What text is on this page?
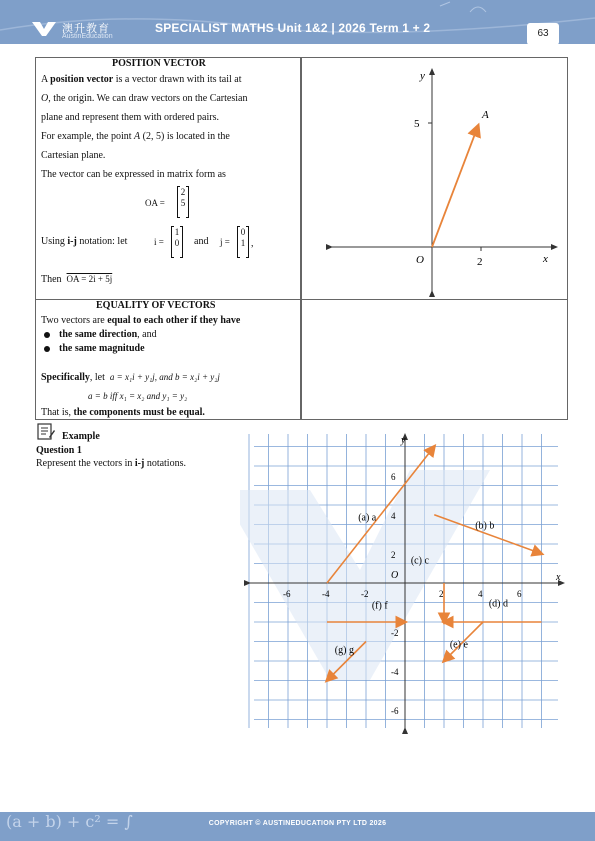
澳升教育
AustinEducation
SPECIALIST MATHS Unit 1&2 | 2026 Term 1 + 2	63
POSITION VECTOR
A position vector is a vector drawn with its tail at
O, the origin. We can draw vectors on the Cartesian
plane and represent them with ordered pairs.
For example, the point A (2, 5) is located in the
Cartesian plane.
The vector can be expressed in matrix form as
OA =
2
5
Using i-j notation: let	i =
1
0 and j =
0
1 ,
Then OA = 2i + 5j
y
x
5
2
O
A
EQUALITY OF VECTORS
Two vectors are equal to each other if they have
the same direction, and
the same magnitude
Specifically, let a = x₁i + y₁j, and b = x₂i + y₂j
a = b iff x₁ = x₂ and y₁ = y₂
That is, the components must be equal.
Example
Question 1
Represent the vectors in i-j notations.
-6	-4	-2	2	4	6
6
4
2
-2
-4
-6
y
x
O
(a) a
(b) b
(c) c
(d) d
(e) e
(f) f
(g) g
(a + b) + c² = ∫	COPYRIGHT © AUSTINEDUCATION PTY LTD 2026
